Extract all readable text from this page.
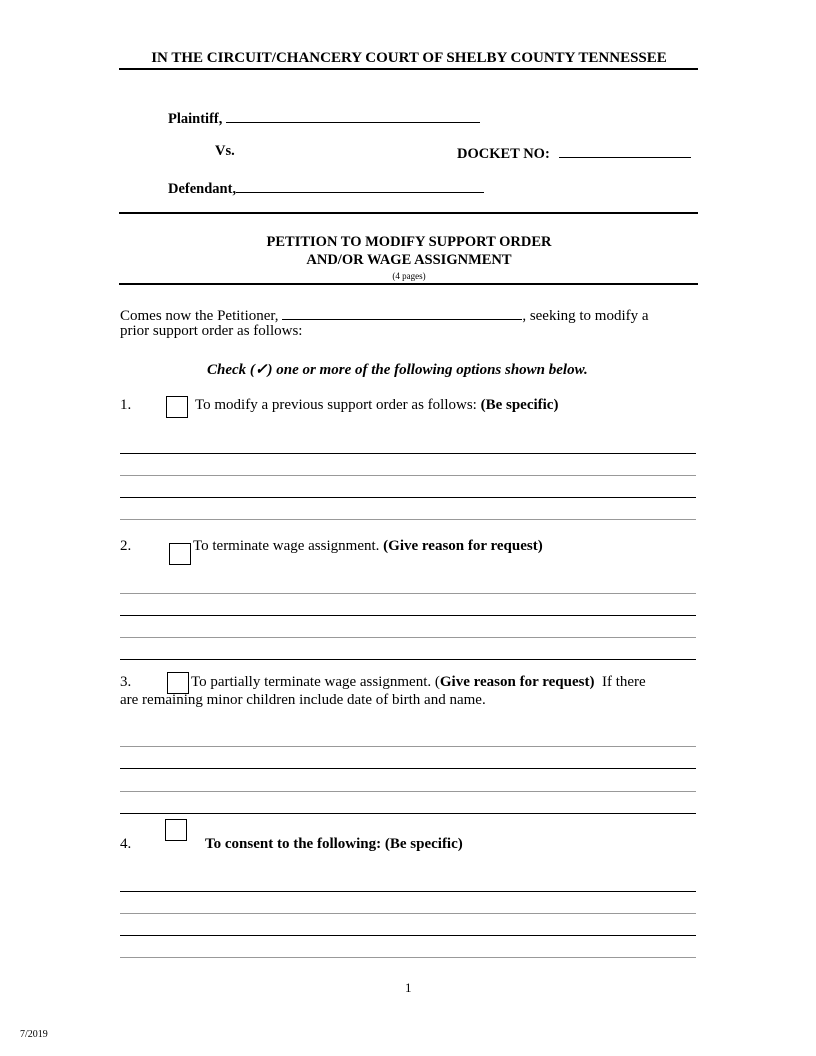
IN THE CIRCUIT/CHANCERY COURT OF SHELBY COUNTY TENNESSEE
Plaintiff,
Vs.	DOCKET NO:
Defendant,
PETITION TO MODIFY SUPPORT ORDER
AND/OR WAGE ASSIGNMENT
(4 pages)
Comes now the Petitioner,	, seeking to modify a
prior support order as follows:
Check (✓) one or more of the following options shown below.
1.	To modify a previous support order as follows: (Be specific)
2.	To terminate wage assignment. (Give reason for request)
3.	To partially terminate wage assignment. (Give reason for request)  If there
are remaining minor children include date of birth and name.
4.	To consent to the following: (Be specific)
1
7/2019
